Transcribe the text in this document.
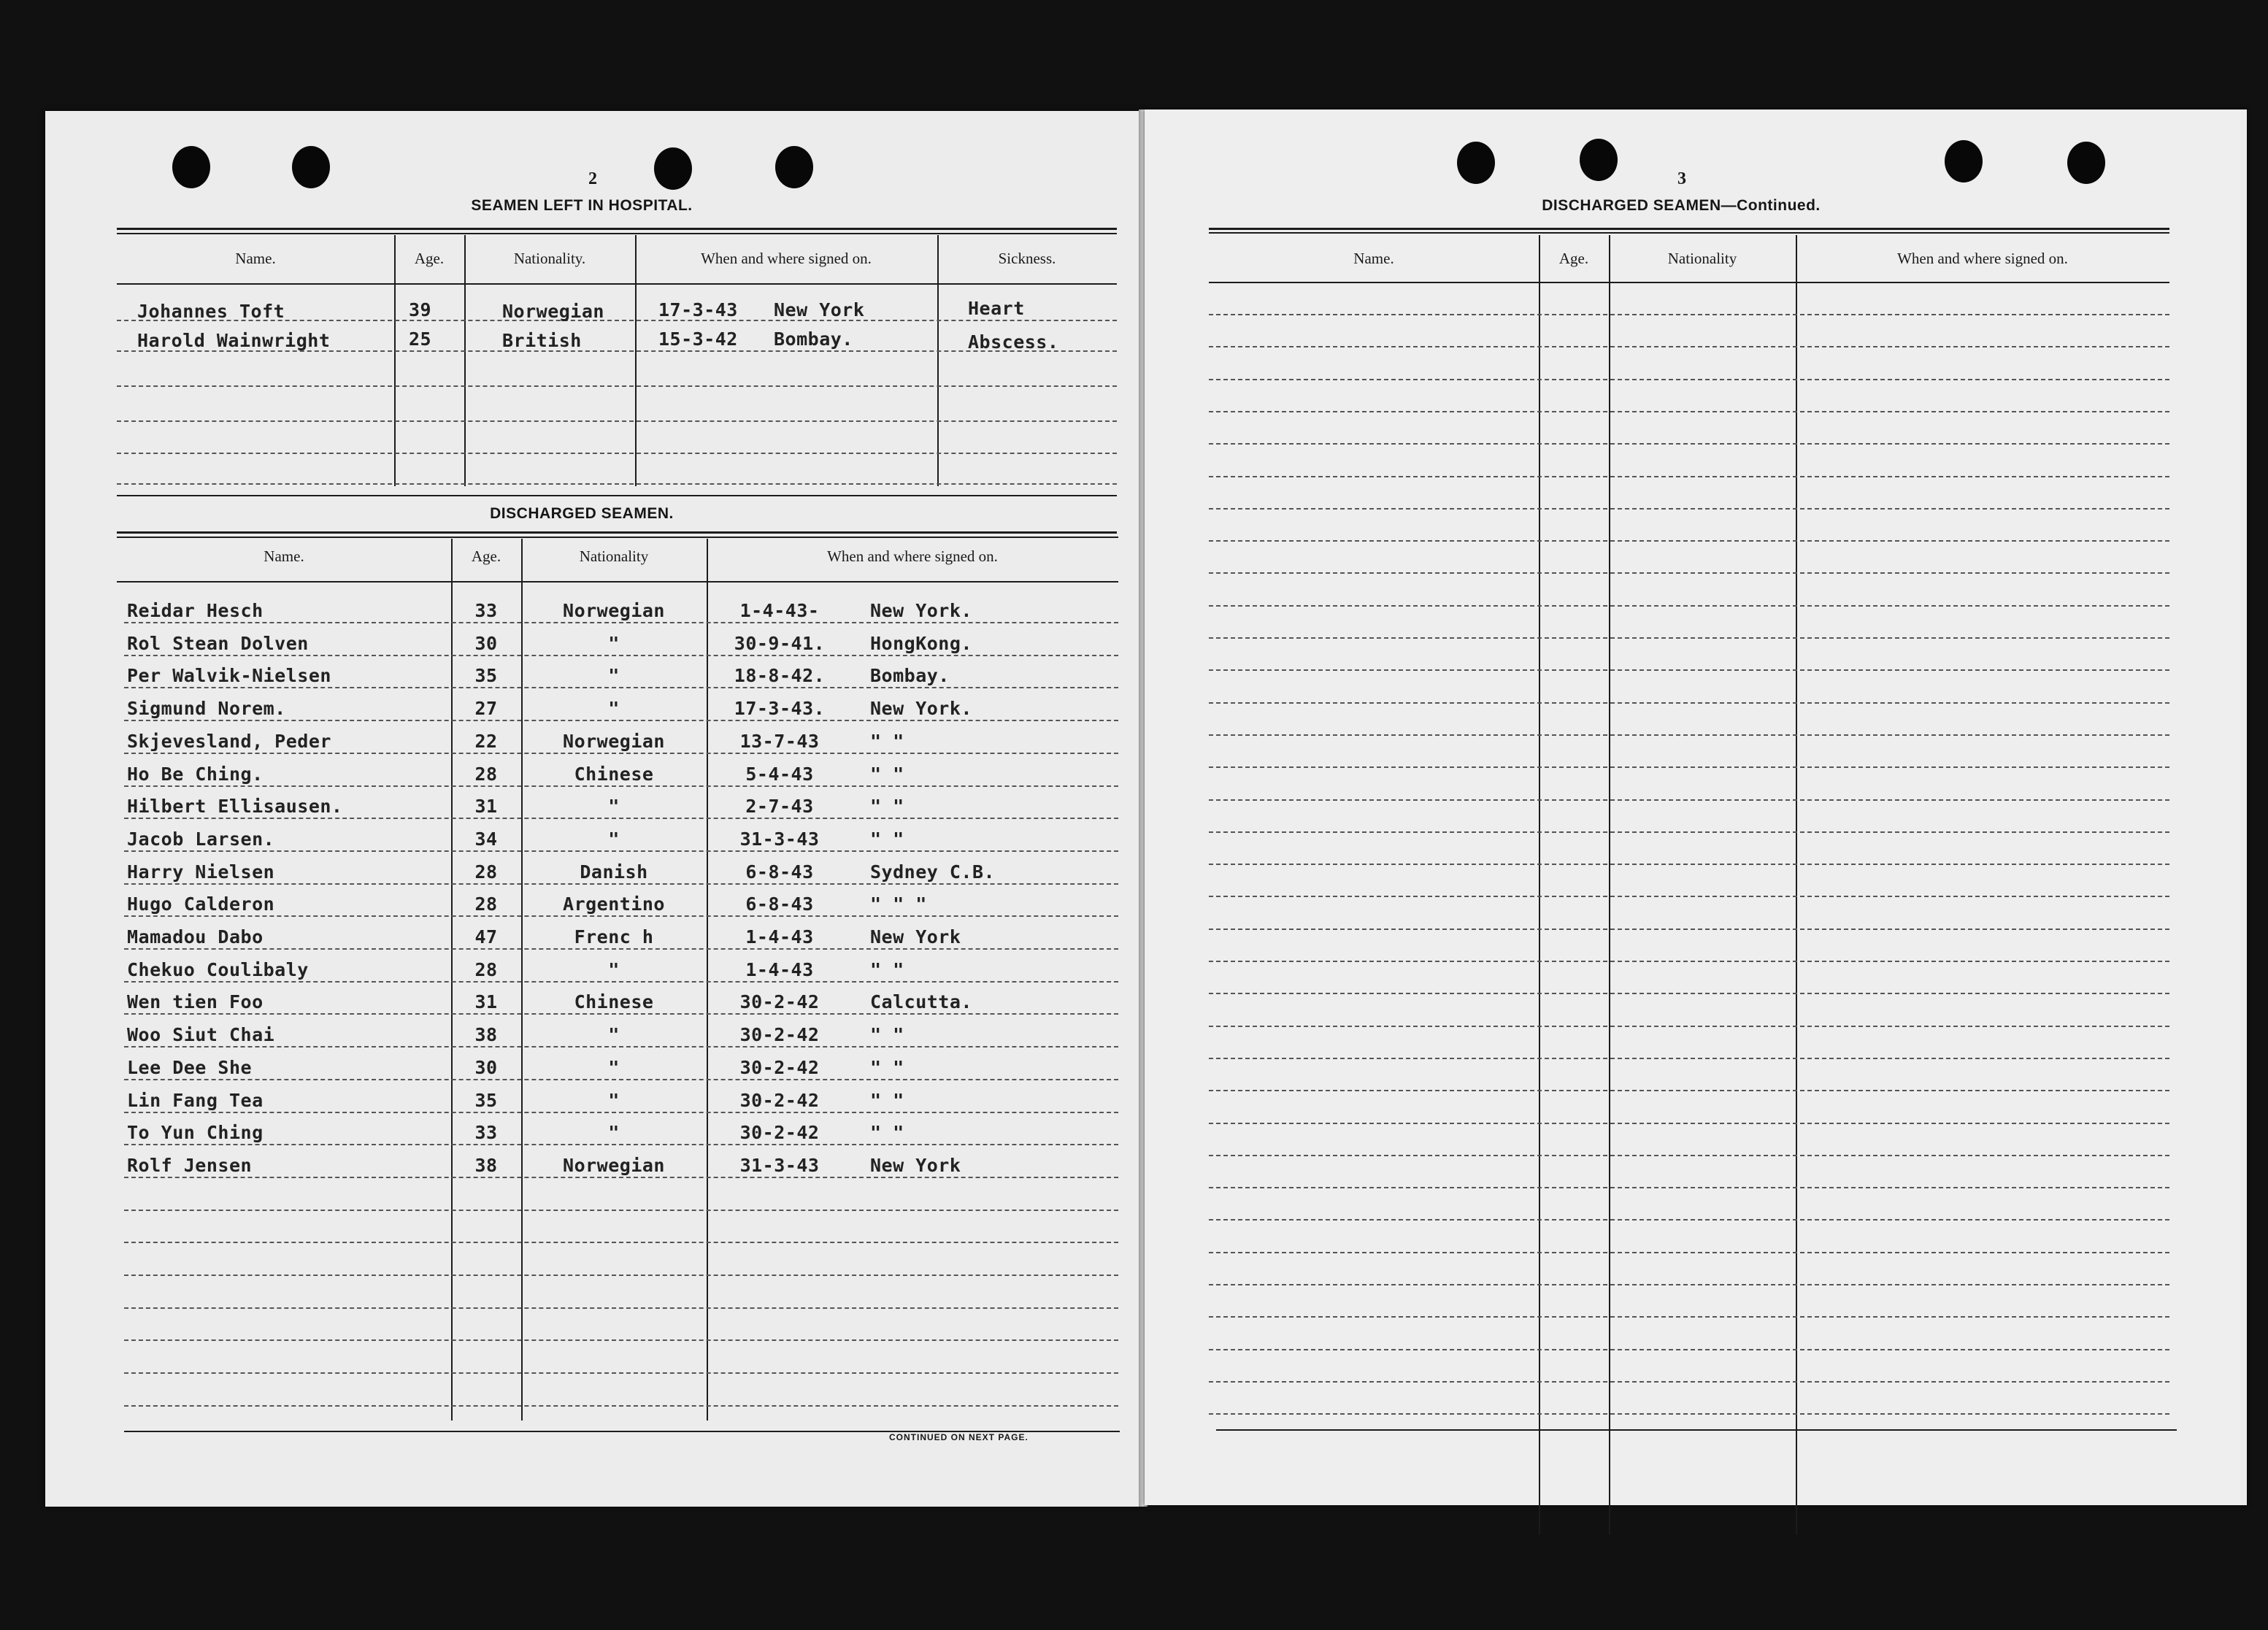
2
SEAMEN LEFT IN HOSPITAL.
Name.	Age.	Nationality.	When and where signed on.	Sickness.
Johannes Toft	39	Norwegian	17-3-43 New York	Heart
Harold Wainwright	25	British	15-3-42 Bombay.	Abscess.
DISCHARGED SEAMEN.
Name.	Age.	Nationality	When and where signed on.
Reidar Hesch	33	Norwegian	1-4-43-	New York.
Rol Stean Dolven	30	"	30-9-41.	HongKong.
Per Walvik-Nielsen	35	"	18-8-42.	Bombay.
Sigmund Norem.	27	"	17-3-43.	New York.
Skjevesland, Peder	22	Norwegian	13-7-43	" "
Ho Be Ching.	28	Chinese	5-4-43	" "
Hilbert Ellisausen.	31	"	2-7-43	" "
Jacob Larsen.	34	"	31-3-43	" "
Harry Nielsen	28	Danish	6-8-43	Sydney C.B.
Hugo Calderon	28	Argentino	6-8-43	" " "
Mamadou Dabo	47	Frenc h	1-4-43	New York
Chekuo Coulibaly	28	"	1-4-43	" "
Wen tien Foo	31	Chinese	30-2-42	Calcutta.
Woo Siut Chai	38	"	30-2-42	" "
Lee Dee She	30	"	30-2-42	" "
Lin Fang Tea	35	"	30-2-42	" "
To Yun Ching	33	"	30-2-42	" "
Rolf Jensen	38	Norwegian	31-3-43	New York
CONTINUED ON NEXT PAGE.
3
DISCHARGED SEAMEN—Continued.
Name.	Age.	Nationality	When and where signed on.
